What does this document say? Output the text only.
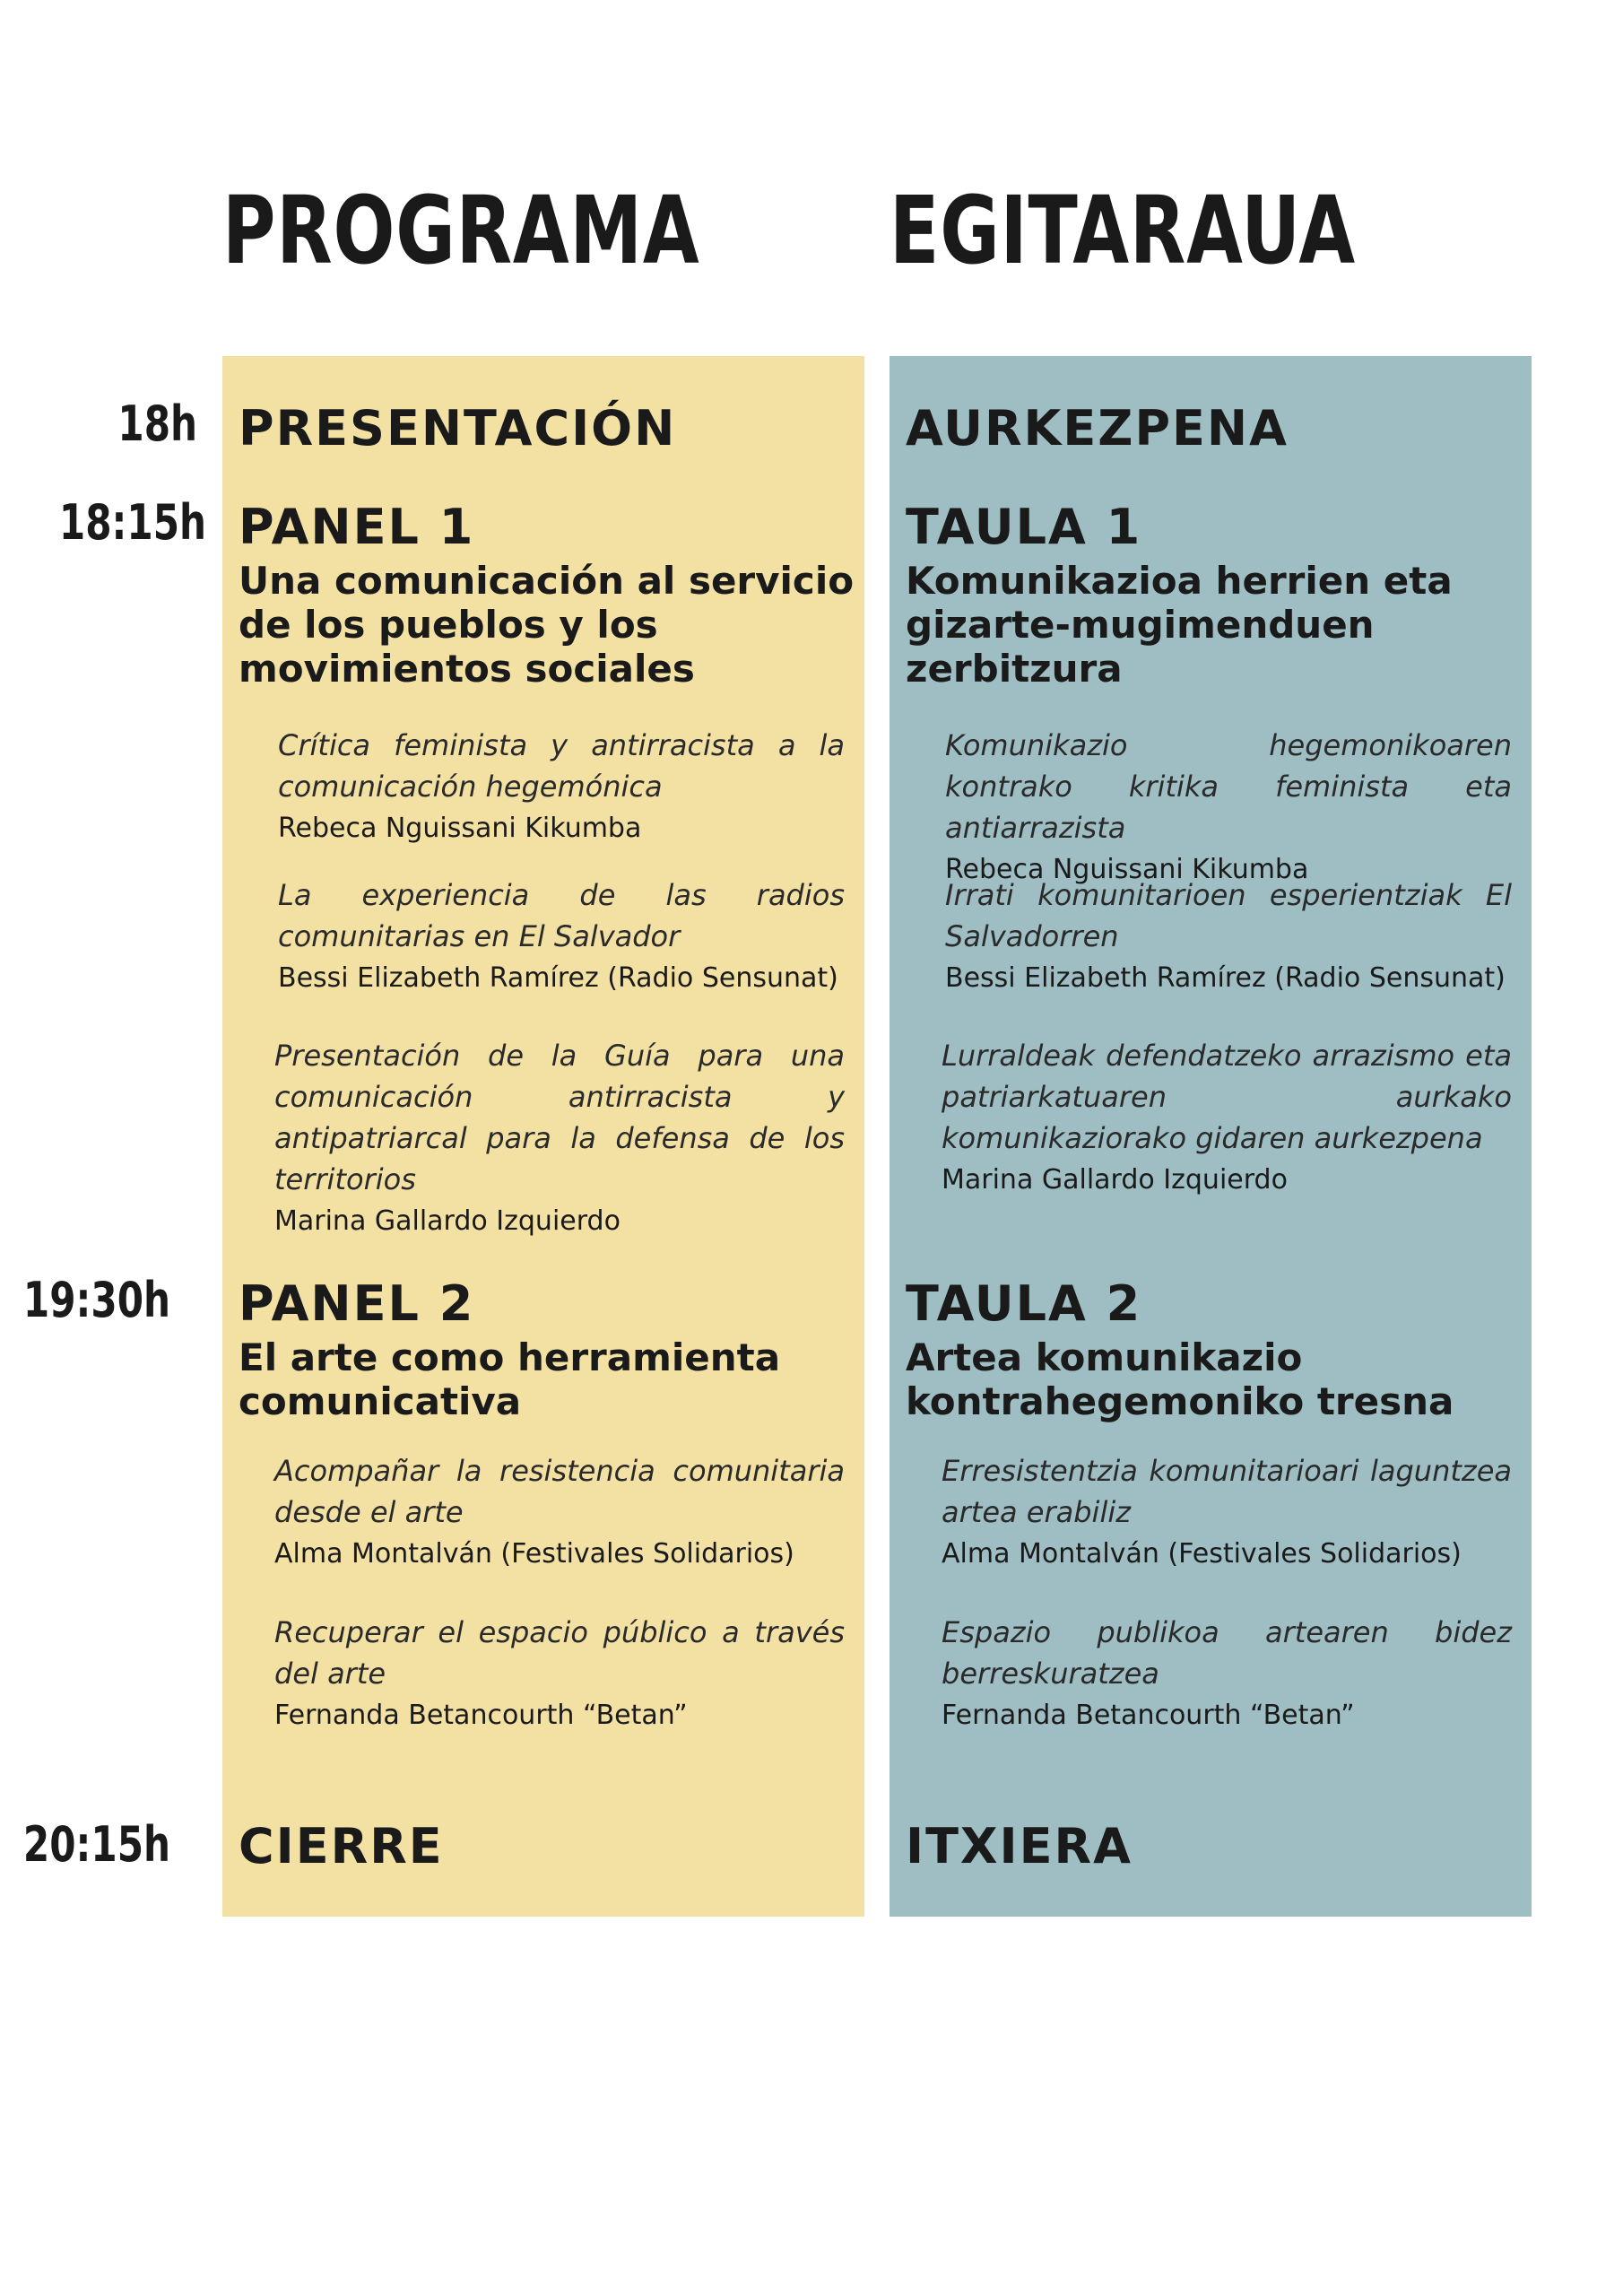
PROGRAMA EGITARAUA
18h
18:15h
19:30h
20:15h
PRESENTACIÓN
PANEL 1

Una comunicación al servicio de los pueblos y los movimientos sociales

Crítica feminista y antirracista a la comunicación hegemónica

Rebeca Nguissani Kikumba

La experiencia de las radios comunitarias en El Salvador

Bessi Elizabeth Ramírez (Radio Sensunat)

Presentación de la Guía para una comunicación antirracista y antipatriarcal para la defensa de los territorios

Marina Gallardo Izquierdo

PANEL 2

El arte como herramienta comunicativa

Acompañar la resistencia comunitaria desde el arte

Alma Montalván (Festivales Solidarios)

Recuperar el espacio público a través del arte

Fernanda Betancourth “Betan”

CIERRE
AURKEZPENA
TAULA 1

Komunikazioa herrien eta gizarte-mugimenduen zerbitzura

Komunikazio hegemonikoaren kontrako kritika feminista eta antiarrazista

Rebeca Nguissani Kikumba

Irrati komunitarioen esperientziak El Salvadorren

Bessi Elizabeth Ramírez (Radio Sensunat)

Lurraldeak defendatzeko arrazismo eta patriarkatuaren aurkako komunikaziorako gidaren aurkezpena

Marina Gallardo Izquierdo

TAULA 2

Artea komunikazio kontrahegemoniko tresna

Erresistentzia komunitarioari laguntzea artea erabiliz

Alma Montalván (Festivales Solidarios)

Espazio publikoa artearen bidez berreskuratzea

Fernanda Betancourth “Betan”

ITXIERA
